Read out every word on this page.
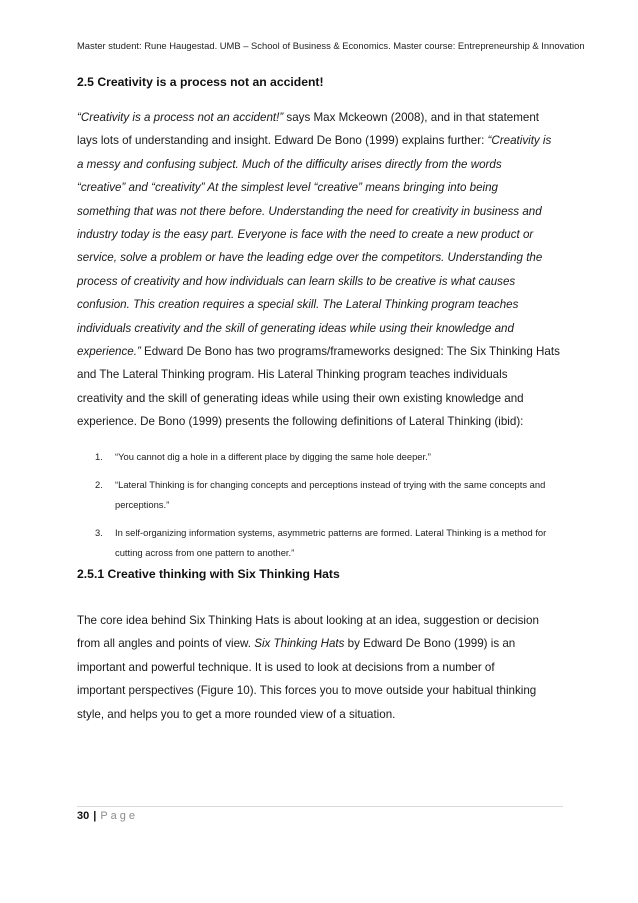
Master student: Rune Haugestad. UMB – School of Business & Economics. Master course: Entrepreneurship & Innovation
2.5 Creativity is a process not an accident!
“Creativity is a process not an accident!” says Max Mckeown (2008), and in that statement
lays lots of understanding and insight. Edward De Bono (1999) explains further: “Creativity is
a messy and confusing subject. Much of the difficulty arises directly from the words
“creative” and “creativity” At the simplest level “creative” means bringing into being
something that was not there before. Understanding the need for creativity in business and
industry today is the easy part. Everyone is face with the need to create a new product or
service, solve a problem or have the leading edge over the competitors. Understanding the
process of creativity and how individuals can learn skills to be creative is what causes
confusion. This creation requires a special skill. The Lateral Thinking program teaches
individuals creativity and the skill of generating ideas while using their knowledge and
experience.” Edward De Bono has two programs/frameworks designed: The Six Thinking Hats
and The Lateral Thinking program. His Lateral Thinking program teaches individuals
creativity and the skill of generating ideas while using their own existing knowledge and
experience. De Bono (1999) presents the following definitions of Lateral Thinking (ibid):
1. “You cannot dig a hole in a different place by digging the same hole deeper.”
2. “Lateral Thinking is for changing concepts and perceptions instead of trying with the same concepts and perceptions.”
3. In self-organizing information systems, asymmetric patterns are formed. Lateral Thinking is a method for cutting across from one pattern to another.”
2.5.1 Creative thinking with Six Thinking Hats
The core idea behind Six Thinking Hats is about looking at an idea, suggestion or decision
from all angles and points of view. Six Thinking Hats by Edward De Bono (1999) is an
important and powerful technique. It is used to look at decisions from a number of
important perspectives (Figure 10). This forces you to move outside your habitual thinking
style, and helps you to get a more rounded view of a situation.
30 | Page
